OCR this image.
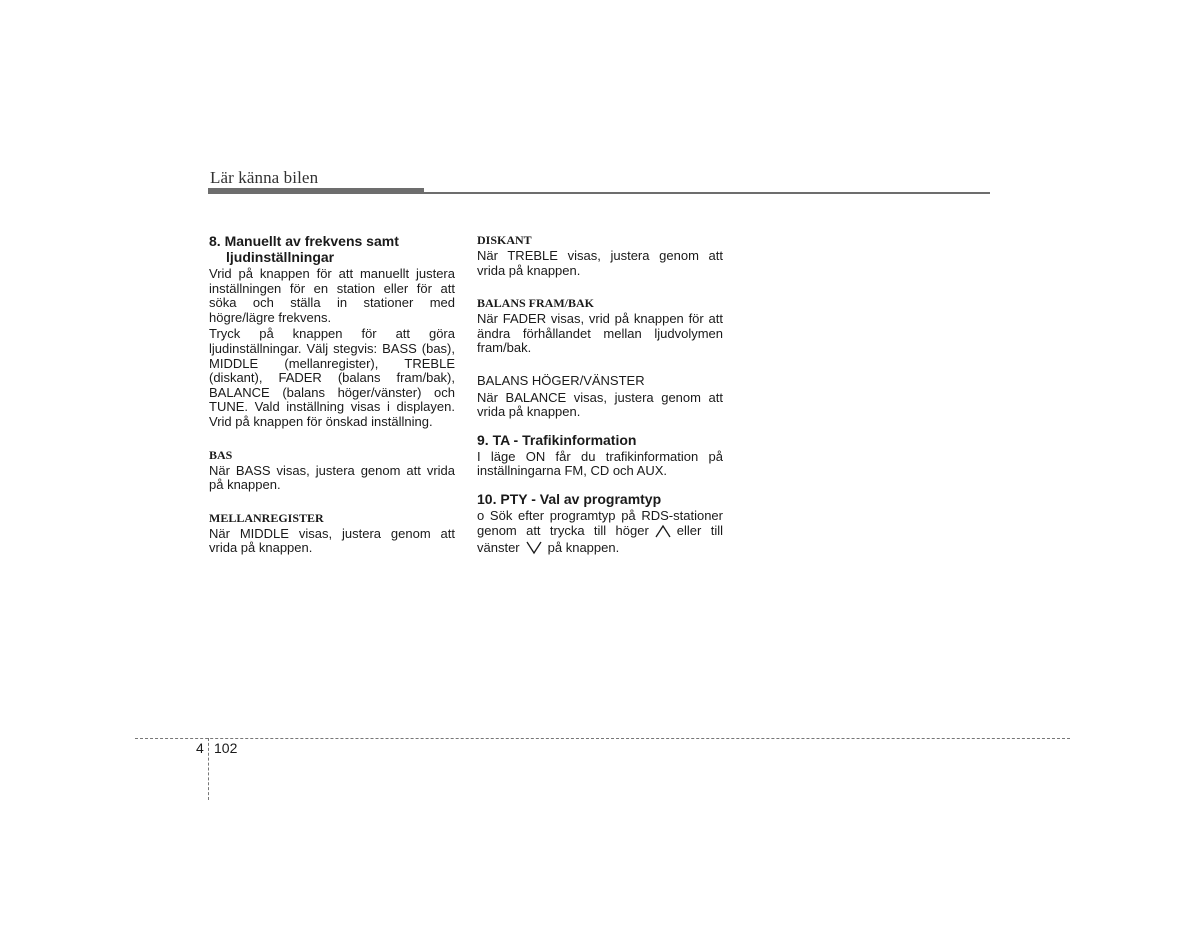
Lär känna bilen

8. Manuellt av frekvens samt
ljudinställningar

Vrid på knappen för att manuellt justera inställningen för en station eller för att söka och ställa in stationer med högre/lägre frekvens.

Tryck på knappen för att göra ljudinställningar. Välj stegvis: BASS (bas), MIDDLE (mellanregister), TREBLE (diskant), FADER (balans fram/bak), BALANCE (balans höger/vänster) och TUNE. Vald inställning visas i displayen. Vrid på knappen för önskad inställning.

BAS

När BASS visas, justera genom att vrida på knappen.

MELLANREGISTER

När MIDDLE visas, justera genom att vrida på knappen.

DISKANT

När TREBLE visas, justera genom att vrida på knappen.

BALANS FRAM/BAK

När FADER visas, vrid på knappen för att ändra förhållandet mellan ljudvolymen fram/bak.

BALANS HÖGER/VÄNSTER

När BALANCE visas, justera genom att vrida på knappen.

9. TA - Trafikinformation

I läge ON får du trafikinformation på inställningarna FM, CD och AUX.

10. PTY - Val av programtyp

o Sök efter programtyp på RDS-stationer genom att trycka till höger eller till vänster på knappen.

4 102
